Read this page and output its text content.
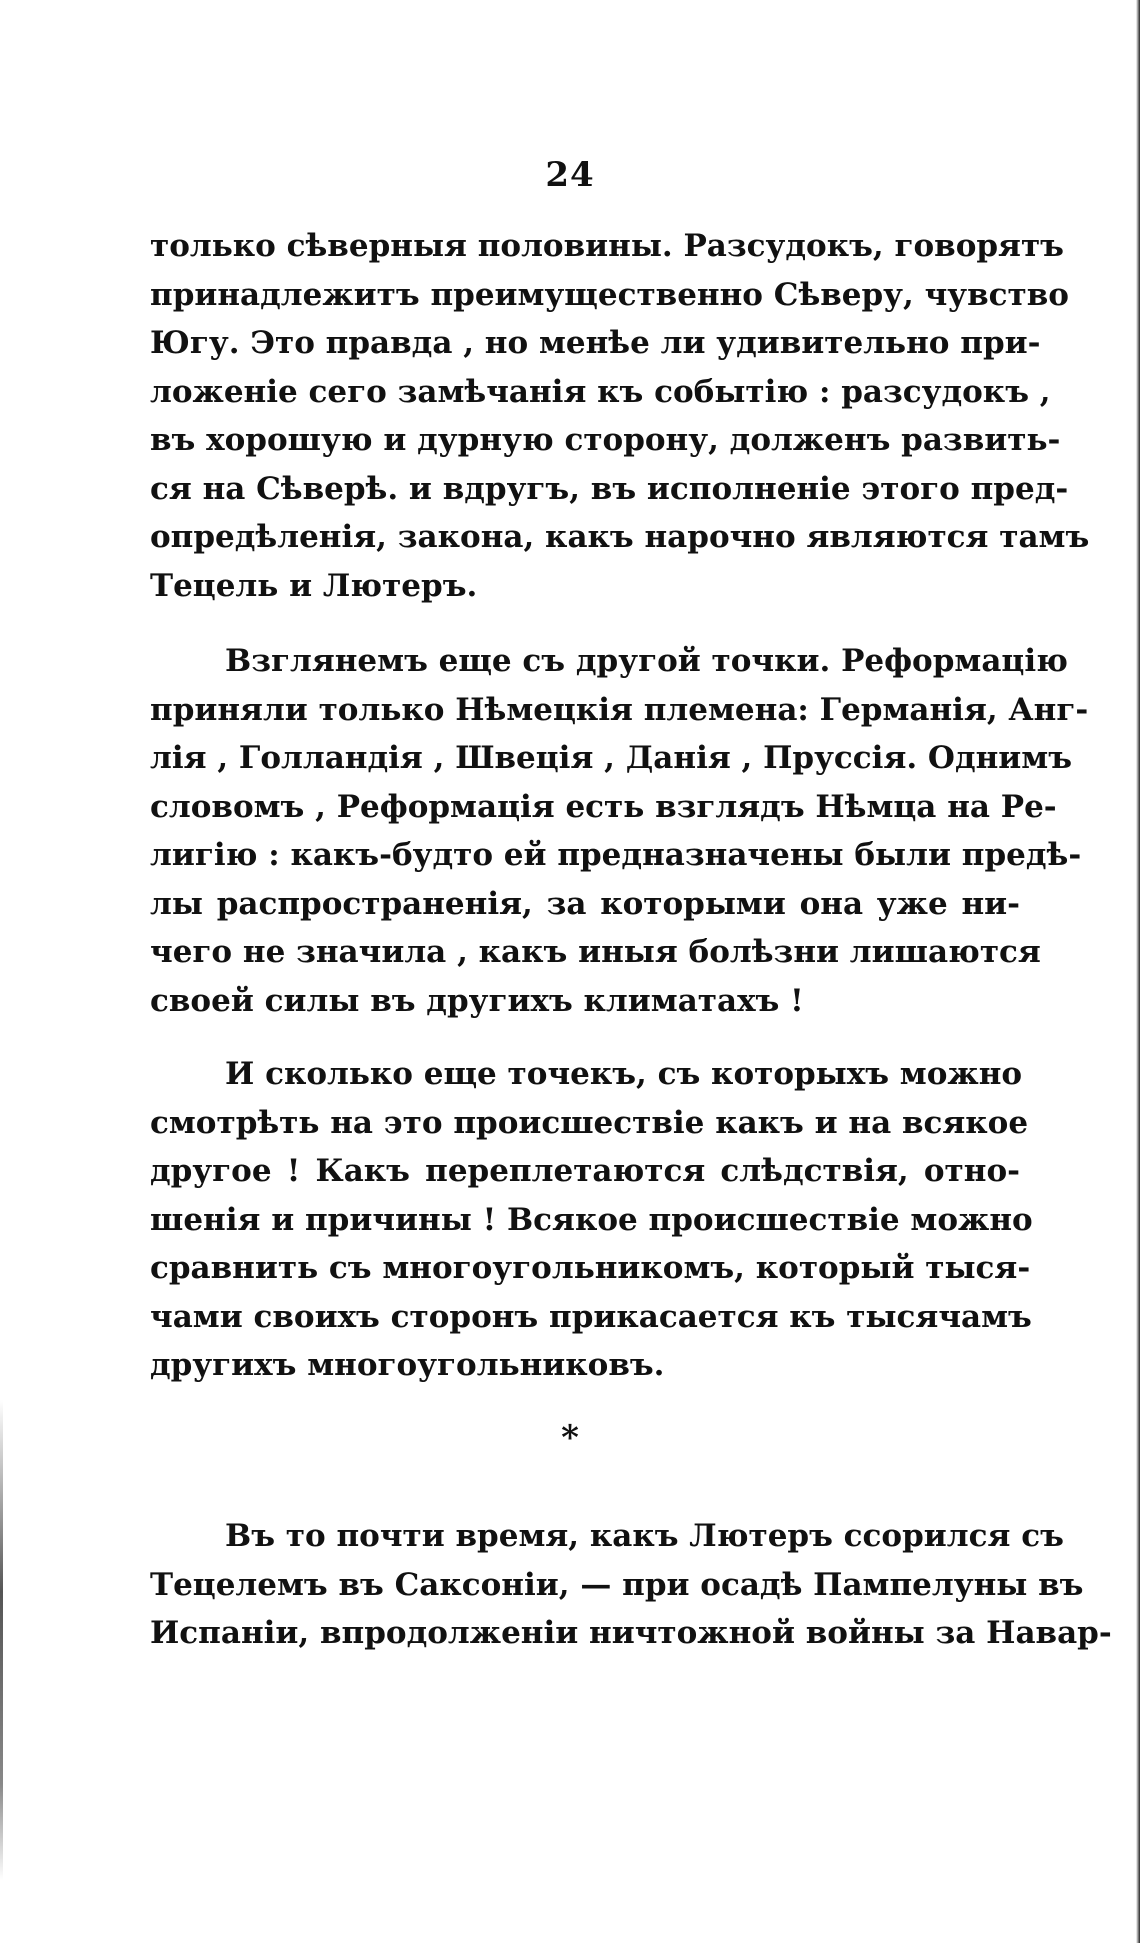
24
только сѣверныя половины. Разсудокъ, говорятъ
принадлежитъ преимущественно Сѣверу, чувство
Югу. Это правда , но менѣе ли удивительно при-
ложеніе сего замѣчанія къ событію : разсудокъ ,
въ хорошую и дурную сторону, долженъ развить-
ся на Сѣверѣ. и вдругъ, въ исполненіе этого пред-
опредѣленія, закона, какъ нарочно являются тамъ
Тецель и Лютеръ.
Взглянемъ еще съ другой точки. Реформацію
приняли только Нѣмецкія племена: Германія, Анг-
лія , Голландія , Швеція , Данія , Пруссія. Однимъ
словомъ , Реформація есть взглядъ Нѣмца на Ре-
лигію : какъ-будто ей предназначены были предѣ-
лы распространенія, за которыми она уже ни-
чего не значила , какъ иныя болѣзни лишаются
своей силы въ другихъ климатахъ !
И сколько еще точекъ, съ которыхъ можно
смотрѣть на это происшествіе какъ и на всякое
другое ! Какъ переплетаются слѣдствія, отно-
шенія и причины ! Всякое происшествіе можно
сравнить съ многоугольникомъ, который тыся-
чами своихъ сторонъ прикасается къ тысячамъ
другихъ многоугольниковъ.
*
Въ то почти время, какъ Лютеръ ссорился съ
Тецелемъ въ Саксоніи, — при осадѣ Пампелуны въ
Испаніи, впродолженіи ничтожной войны за Навар-
